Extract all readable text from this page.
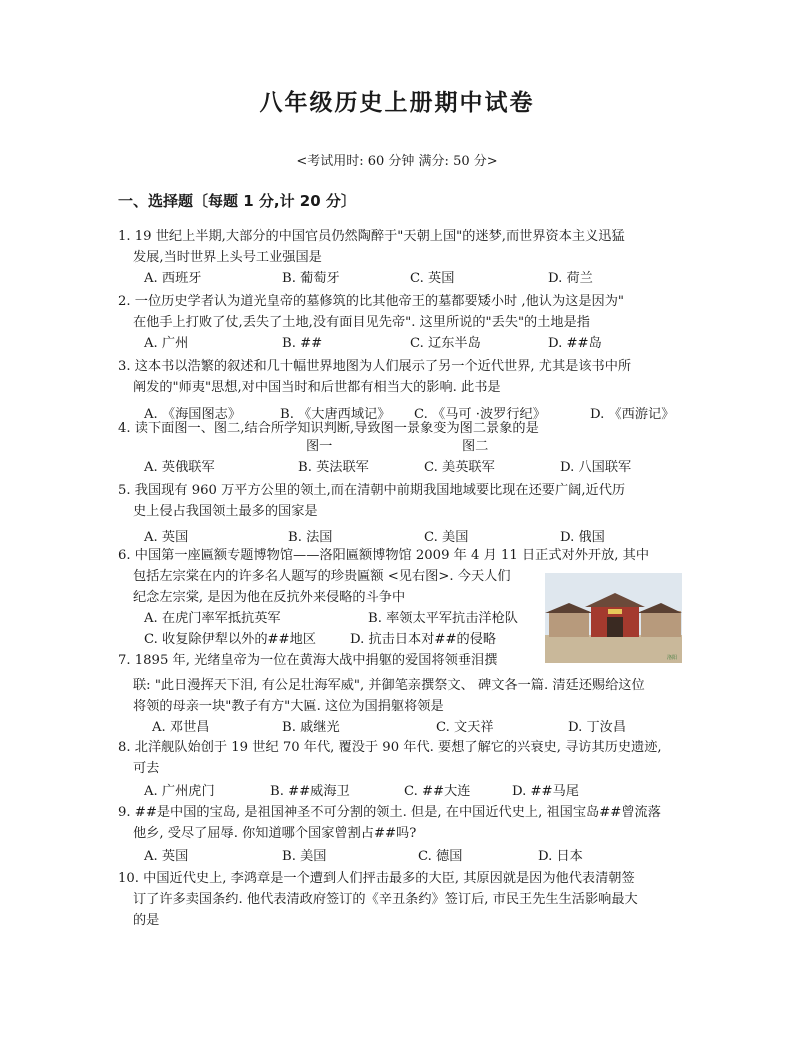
八年级历史上册期中试卷
<考试用时: 60 分钟 满分: 50 分>
一、选择题〔每题 1 分,计 20 分〕
1. 19 世纪上半期,大部分的中国官员仍然陶醉于"天朝上国"的迷梦,而世界资本主义迅猛
发展,当时世界上头号工业强国是
A. 西班牙	B. 葡萄牙	C. 英国	D. 荷兰
2. 一位历史学者认为道光皇帝的墓修筑的比其他帝王的墓都要矮小时 ,他认为这是因为"
在他手上打败了仗,丢失了土地,没有面目见先帝". 这里所说的"丢失"的土地是指
A. 广州	B. ##	C. 辽东半岛	D. ##岛
3. 这本书以浩繁的叙述和几十幅世界地图为人们展示了另一个近代世界, 尤其是该书中所
阐发的"师夷"思想,对中国当时和后世都有相当大的影响. 此书是
A. 《海国图志》	B. 《大唐西域记》 C. 《马可 ·波罗行纪》	D. 《西游记》
4. 读下面图一、图二,结合所学知识判断,导致图一景象变为图二景象的是
图一	图二
A. 英俄联军	B. 英法联军	C. 美英联军	D. 八国联军
5. 我国现有 960 万平方公里的领土,而在清朝中前期我国地域要比现在还要广阔,近代历
史上侵占我国领土最多的国家是
A. 英国	B. 法国	C. 美国	D. 俄国
6. 中国第一座匾额专题博物馆——洛阳匾额博物馆 2009 年 4 月 11 日正式对外开放, 其中
包括左宗棠在内的许多名人题写的珍贵匾额 <见右图>. 今天人们
纪念左宗棠, 是因为他在反抗外来侵略的斗争中
A. 在虎门率军抵抗英军	B. 率领太平军抗击洋枪队
C. 收复除伊犁以外的##地区	D. 抗击日本对##的侵略
洛阳
7. 1895 年, 光绪皇帝为一位在黄海大战中捐躯的爱国将领垂泪撰
联: "此日漫挥天下泪, 有公足壮海军威", 并御笔亲撰祭文、 碑文各一篇. 清廷还赐给这位
将领的母亲一块"教子有方"大匾. 这位为国捐躯将领是
A. 邓世昌	B. 戚继光	C. 文天祥	D. 丁汝昌
8. 北洋舰队始创于 19 世纪 70 年代, 覆没于 90 年代. 要想了解它的兴衰史, 寻访其历史遗迹,
可去
A. 广州虎门	B. ##威海卫	C. ##大连	D. ##马尾
9. ##是中国的宝岛, 是祖国神圣不可分割的领土. 但是, 在中国近代史上, 祖国宝岛##曾流落
他乡, 受尽了屈辱. 你知道哪个国家曾割占##吗?
A. 英国	B. 美国	C. 德国	D. 日本
10. 中国近代史上, 李鸿章是一个遭到人们抨击最多的大臣, 其原因就是因为他代表清朝签
订了许多卖国条约. 他代表清政府签订的《辛丑条约》签订后, 市民王先生生活影响最大
的是
